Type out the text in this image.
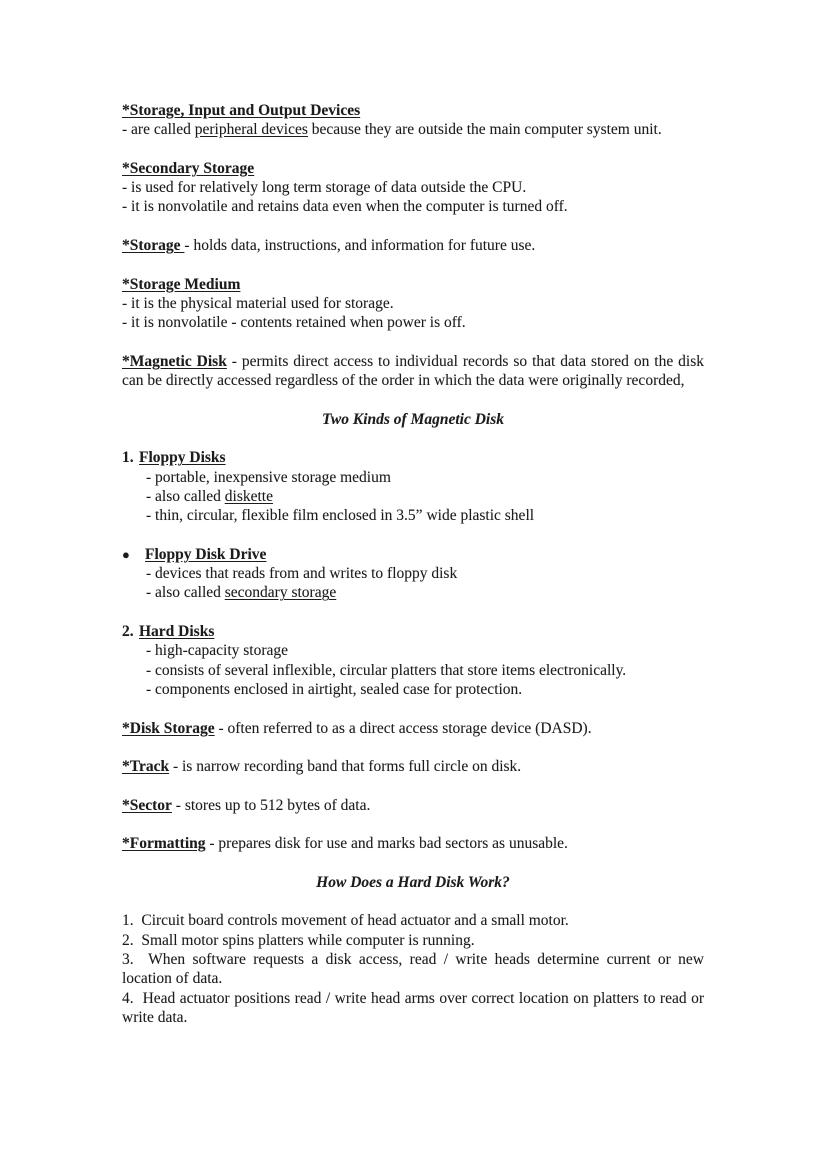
*Storage, Input and Output Devices

- are called peripheral devices because they are outside the main computer system unit.

*Secondary Storage

- is used for relatively long term storage of data outside the CPU.

- it is nonvolatile and retains data even when the computer is turned off.

*Storage - holds data, instructions, and information for future use.

*Storage Medium

- it is the physical material used for storage.

- it is nonvolatile - contents retained when power is off.

*Magnetic Disk - permits direct access to individual records so that data stored on the disk can be directly accessed regardless of the order in which the data were originally recorded,

Two Kinds of Magnetic Disk

1. Floppy Disks

- portable, inexpensive storage medium

- also called diskette

- thin, circular, flexible film enclosed in 3.5” wide plastic shell

● Floppy Disk Drive

- devices that reads from and writes to floppy disk

- also called secondary storage

2. Hard Disks

- high-capacity storage

- consists of several inflexible, circular platters that store items electronically.

- components enclosed in airtight, sealed case for protection.

*Disk Storage - often referred to as a direct access storage device (DASD).

*Track - is narrow recording band that forms full circle on disk.

*Sector - stores up to 512 bytes of data.

*Formatting - prepares disk for use and marks bad sectors as unusable.

How Does a Hard Disk Work?

1.  Circuit board controls movement of head actuator and a small motor.

2.  Small motor spins platters while computer is running.

3.  When software requests a disk access, read / write heads determine current or new location of data.

4.  Head actuator positions read / write head arms over correct location on platters to read or write data.
